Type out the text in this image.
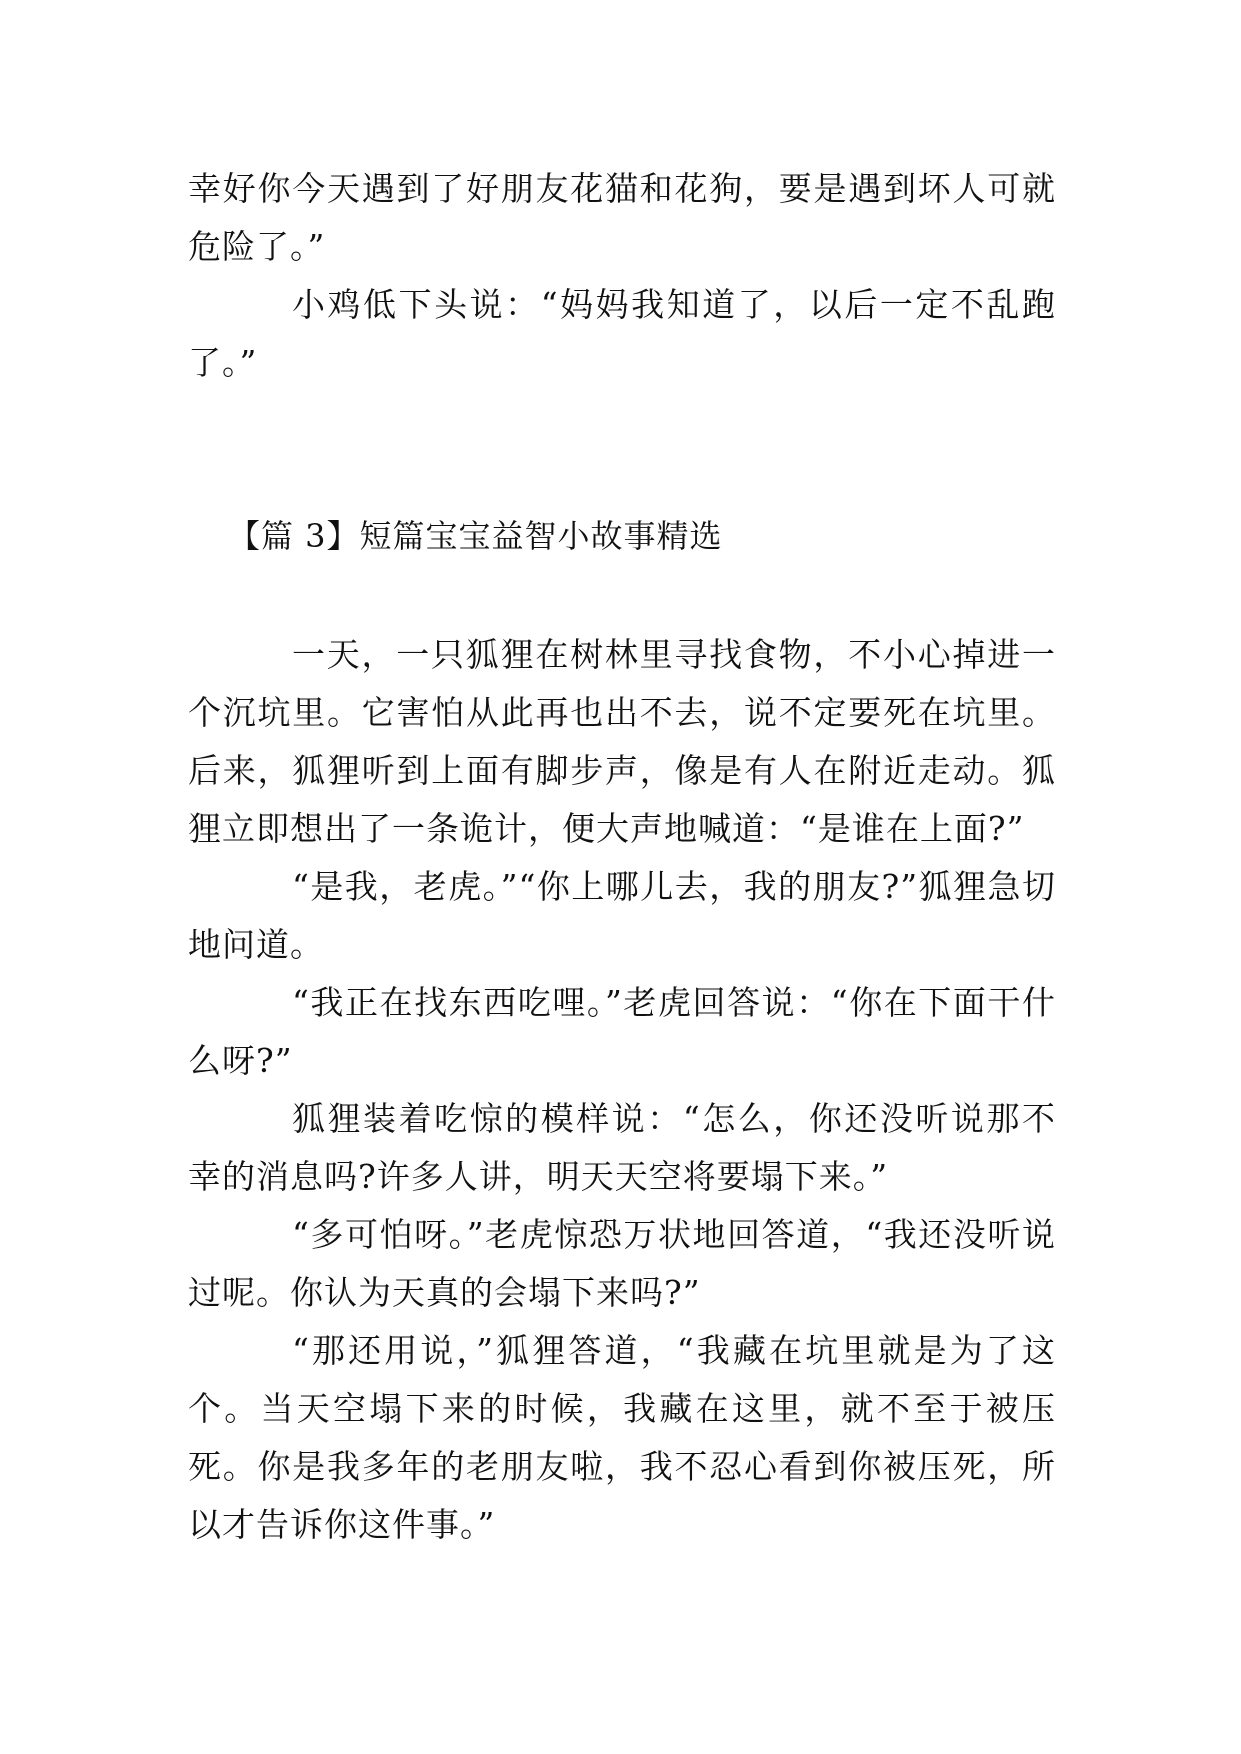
幸好你今天遇到了好朋友花猫和花狗，要是遇到坏人可就危险了。”

小鸡低下头说：“妈妈我知道了，以后一定不乱跑了。”

【篇 3】短篇宝宝益智小故事精选

一天，一只狐狸在树林里寻找食物，不小心掉进一个沉坑里。它害怕从此再也出不去，说不定要死在坑里。后来，狐狸听到上面有脚步声，像是有人在附近走动。狐狸立即想出了一条诡计，便大声地喊道：“是谁在上面?”

“是我，老虎。”“你上哪儿去，我的朋友?”狐狸急切地问道。

“我正在找东西吃哩。”老虎回答说：“你在下面干什么呀?”

狐狸装着吃惊的模样说：“怎么，你还没听说那不幸的消息吗?许多人讲，明天天空将要塌下来。”

“多可怕呀。”老虎惊恐万状地回答道，“我还没听说过呢。你认为天真的会塌下来吗?”

“那还用说，”狐狸答道，“我藏在坑里就是为了这个。当天空塌下来的时候，我藏在这里，就不至于被压死。你是我多年的老朋友啦，我不忍心看到你被压死，所以才告诉你这件事。”
